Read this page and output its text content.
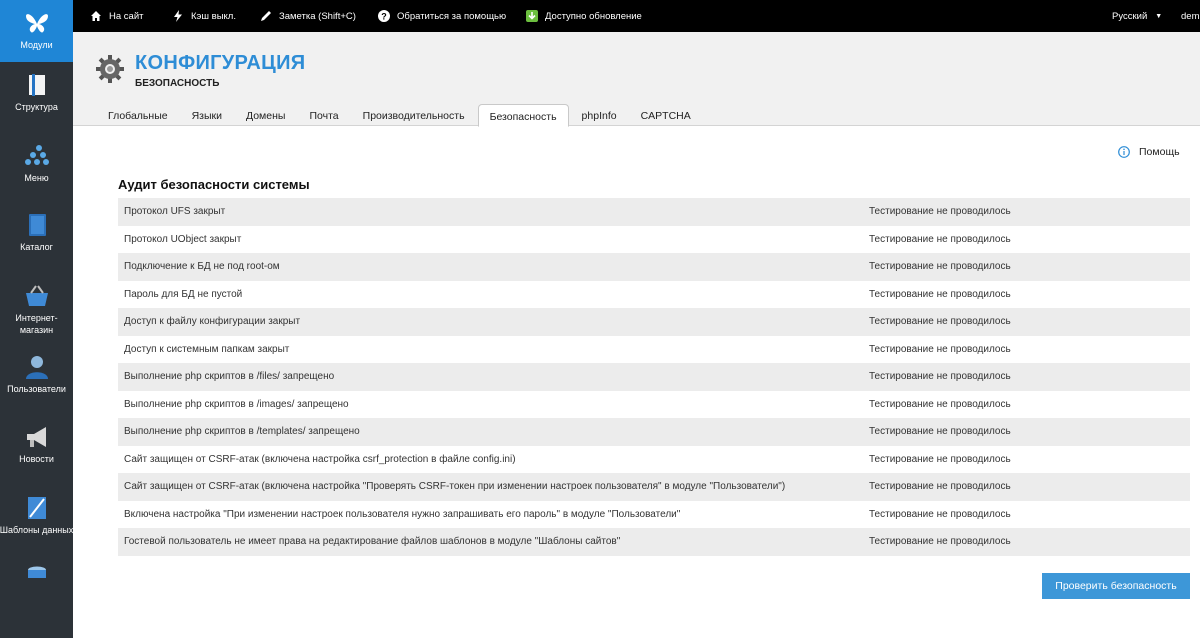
Модули
Структура
Меню
Каталог
Интернет-
магазин
Пользователи
Новости
Шаблоны данных
На сайт	Кэш выкл.	Заметка (Shift+C)	? Обратиться за помощью	Доступно обновление	Русский ▼ dem
КОНФИГУРАЦИЯ
БЕЗОПАСНОСТЬ
Глобальные	Языки	Домены	Почта	Производительность	Безопасность	phpInfo	CAPTCHA
Помощь
Аудит безопасности системы
Протокол UFS закрыт	Тестирование не проводилось
Протокол UObject закрыт	Тестирование не проводилось
Подключение к БД не под root-ом	Тестирование не проводилось
Пароль для БД не пустой	Тестирование не проводилось
Доступ к файлу конфигурации закрыт	Тестирование не проводилось
Доступ к системным папкам закрыт	Тестирование не проводилось
Выполнение php скриптов в /files/ запрещено	Тестирование не проводилось
Выполнение php скриптов в /images/ запрещено	Тестирование не проводилось
Выполнение php скриптов в /templates/ запрещено	Тестирование не проводилось
Сайт защищен от CSRF-атак (включена настройка csrf_protection в файле config.ini)	Тестирование не проводилось
Сайт защищен от CSRF-атак (включена настройка "Проверять CSRF-токен при изменении настроек пользователя" в модуле "Пользователи")	Тестирование не проводилось
Включена настройка "При изменении настроек пользователя нужно запрашивать его пароль" в модуле "Пользователи"	Тестирование не проводилось
Гостевой пользователь не имеет права на редактирование файлов шаблонов в модуле "Шаблоны сайтов"	Тестирование не проводилось
Проверить безопасность
